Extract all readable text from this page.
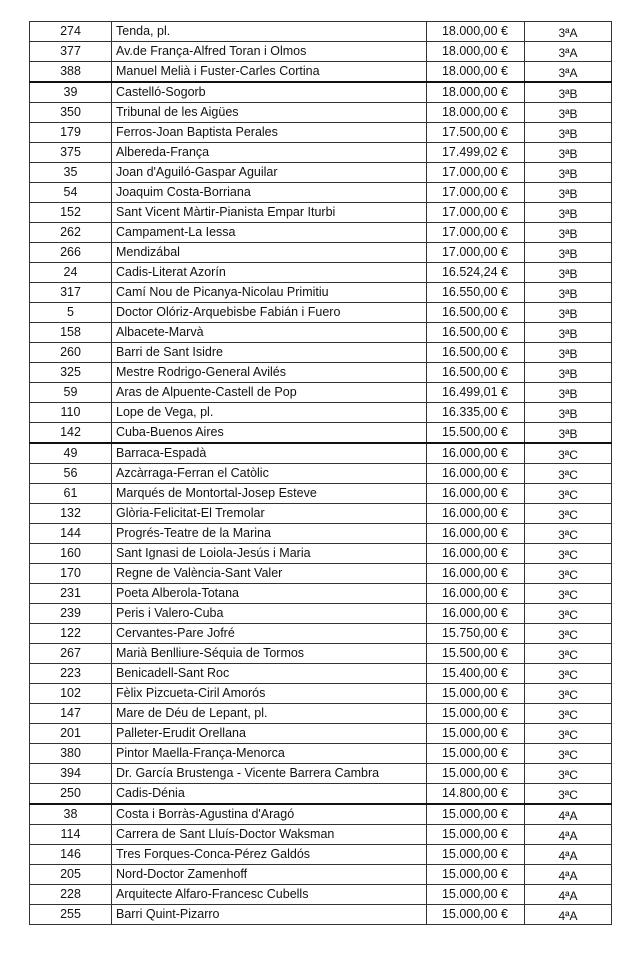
274	Tenda, pl.	18.000,00 €	3ªA
377	Av.de França-Alfred Toran i Olmos	18.000,00 €	3ªA
388	Manuel Melià i Fuster-Carles Cortina	18.000,00 €	3ªA
39	Castelló-Sogorb	18.000,00 €	3ªB
350	Tribunal de les Aigües	18.000,00 €	3ªB
179	Ferros-Joan Baptista Perales	17.500,00 €	3ªB
375	Albereda-França	17.499,02 €	3ªB
35	Joan d'Aguiló-Gaspar Aguilar	17.000,00 €	3ªB
54	Joaquim Costa-Borriana	17.000,00 €	3ªB
152	Sant Vicent Màrtir-Pianista Empar Iturbi	17.000,00 €	3ªB
262	Campament-La Iessa	17.000,00 €	3ªB
266	Mendizábal	17.000,00 €	3ªB
24	Cadis-Literat Azorín	16.524,24 €	3ªB
317	Camí Nou de Picanya-Nicolau Primitiu	16.550,00 €	3ªB
5	Doctor Olóriz-Arquebisbe Fabián i Fuero	16.500,00 €	3ªB
158	Albacete-Marvà	16.500,00 €	3ªB
260	Barri de Sant Isidre	16.500,00 €	3ªB
325	Mestre Rodrigo-General Avilés	16.500,00 €	3ªB
59	Aras de Alpuente-Castell de Pop	16.499,01 €	3ªB
110	Lope de Vega, pl.	16.335,00 €	3ªB
142	Cuba-Buenos Aires	15.500,00 €	3ªB
49	Barraca-Espadà	16.000,00 €	3ªC
56	Azcàrraga-Ferran el Catòlic	16.000,00 €	3ªC
61	Marqués de Montortal-Josep Esteve	16.000,00 €	3ªC
132	Glòria-Felicitat-El Tremolar	16.000,00 €	3ªC
144	Progrés-Teatre de la Marina	16.000,00 €	3ªC
160	Sant Ignasi de Loiola-Jesús i Maria	16.000,00 €	3ªC
170	Regne de València-Sant Valer	16.000,00 €	3ªC
231	Poeta Alberola-Totana	16.000,00 €	3ªC
239	Peris i Valero-Cuba	16.000,00 €	3ªC
122	Cervantes-Pare Jofré	15.750,00 €	3ªC
267	Marià Benlliure-Séquia de Tormos	15.500,00 €	3ªC
223	Benicadell-Sant Roc	15.400,00 €	3ªC
102	Fèlix Pizcueta-Ciril Amorós	15.000,00 €	3ªC
147	Mare de Déu de Lepant, pl.	15.000,00 €	3ªC
201	Palleter-Erudit Orellana	15.000,00 €	3ªC
380	Pintor Maella-França-Menorca	15.000,00 €	3ªC
394	Dr. García Brustenga - Vicente Barrera Cambra	15.000,00 €	3ªC
250	Cadis-Dénia	14.800,00 €	3ªC
38	Costa i Borràs-Agustina d'Aragó	15.000,00 €	4ªA
114	Carrera de Sant Lluís-Doctor Waksman	15.000,00 €	4ªA
146	Tres Forques-Conca-Pérez Galdós	15.000,00 €	4ªA
205	Nord-Doctor Zamenhoff	15.000,00 €	4ªA
228	Arquitecte Alfaro-Francesc Cubells	15.000,00 €	4ªA
255	Barri Quint-Pizarro	15.000,00 €	4ªA
